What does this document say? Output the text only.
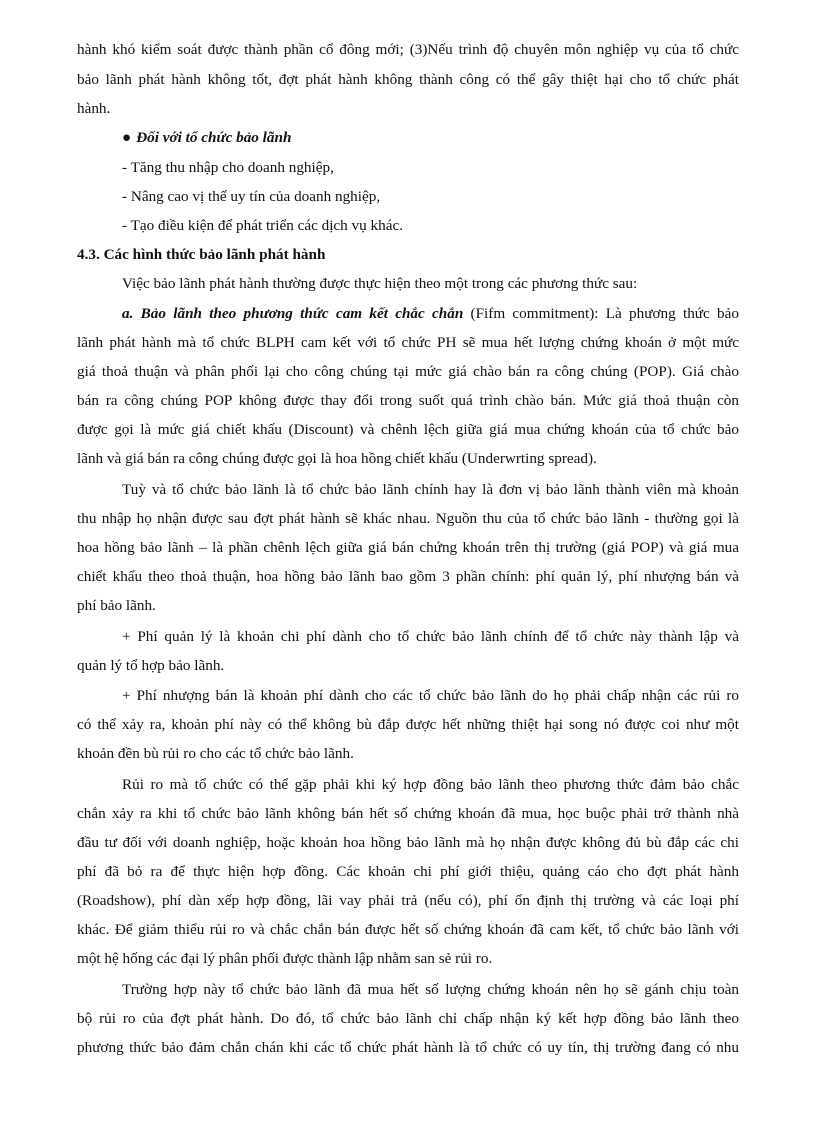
hành khó kiểm soát được thành phần cổ đông mới; (3)Nếu trình độ chuyên môn nghiệp vụ của tổ chức
bảo lãnh phát hành không tốt, đợt phát hành không thành công có thể gây thiệt hại cho tổ chức phát
hành.
● Đối với tổ chức bảo lãnh
- Tăng thu nhập cho doanh nghiệp,
- Nâng cao vị thế uy tín của doanh nghiệp,
- Tạo điều kiện để phát triển các dịch vụ khác.
4.3. Các hình thức bảo lãnh phát hành
Việc bảo lãnh phát hành thường được thực hiện theo một trong các phương thức sau:
a. Bảo lãnh theo phương thức cam kết chắc chắn (Fifm commitment): Là phương thức bảo
lãnh phát hành mà tổ chức BLPH cam kết với tổ chức PH sẽ mua hết lượng chứng khoán ở một mức
giá thoả thuận và phân phối lại cho công chúng tại mức giá chào bán ra công chúng (POP). Giá chào
bán ra công chúng POP không được thay đổi trong suốt quá trình chào bán. Mức giá thoả thuận còn
được gọi là mức giá chiết khấu (Discount) và chênh lệch giữa giá mua chứng khoán của tổ chức bảo
lãnh và giá bán ra công chúng được gọi là hoa hồng chiết khấu (Underwrting spread).
Tuỳ và tổ chức bảo lãnh là tổ chức bảo lãnh chính hay là đơn vị bảo lãnh thành viên mà khoản
thu nhập họ nhận được sau đợt phát hành sẽ khác nhau. Nguồn thu của tổ chức bảo lãnh - thường gọi là
hoa hồng bảo lãnh – là phần chênh lệch giữa giá bán chứng khoán trên thị trường (giá POP) và giá mua
chiết khấu theo thoả thuận, hoa hồng bảo lãnh bao gồm 3 phần chính: phí quản lý, phí nhượng bán và
phí bảo lãnh.
+ Phí quản lý là khoản chi phí dành cho tổ chức bảo lãnh chính để tổ chức này thành lập và
quản lý tổ hợp bảo lãnh.
+ Phí nhượng bán là khoản phí dành cho các tổ chức bảo lãnh do họ phải chấp nhận các rủi ro
có thể xảy ra, khoản phí này có thể không bù đắp được hết những thiệt hại song nó được coi như một
khoản đền bù rủi ro cho các tổ chức bảo lãnh.
Rủi ro mà tổ chức có thể gặp phải khi ký hợp đồng bảo lãnh theo phương thức đảm bảo chắc
chắn xảy ra khi tổ chức bảo lãnh không bán hết số chứng khoán đã mua, học buộc phải trở thành nhà
đầu tư đối với doanh nghiệp, hoặc khoản hoa hồng bảo lãnh mà họ nhận được không đủ bù đắp các chi
phí đã bỏ ra để thực hiện hợp đồng. Các khoản chi phí giới thiệu, quảng cáo cho đợt phát hành
(Roadshow), phí dàn xếp hợp đồng, lãi vay phải trả (nếu có), phí ổn định thị trường và các loại phí
khác. Để giảm thiểu rủi ro và chắc chắn bán được hết số chứng khoán đã cam kết, tổ chức bảo lãnh với
một hệ hống các đại lý phân phối được thành lập nhằm san sẻ rủi ro.
Trường hợp này tổ chức bảo lãnh đã mua hết số lượng chứng khoán nên họ sẽ gánh chịu toàn
bộ rủi ro của đợt phát hành. Do đó, tổ chức bảo lãnh chỉ chấp nhận ký kết hợp đồng bảo lãnh theo
phương thức bảo đảm chắn chán khi các tổ chức phát hành là tổ chức có uy tín, thị trường đang có nhu
